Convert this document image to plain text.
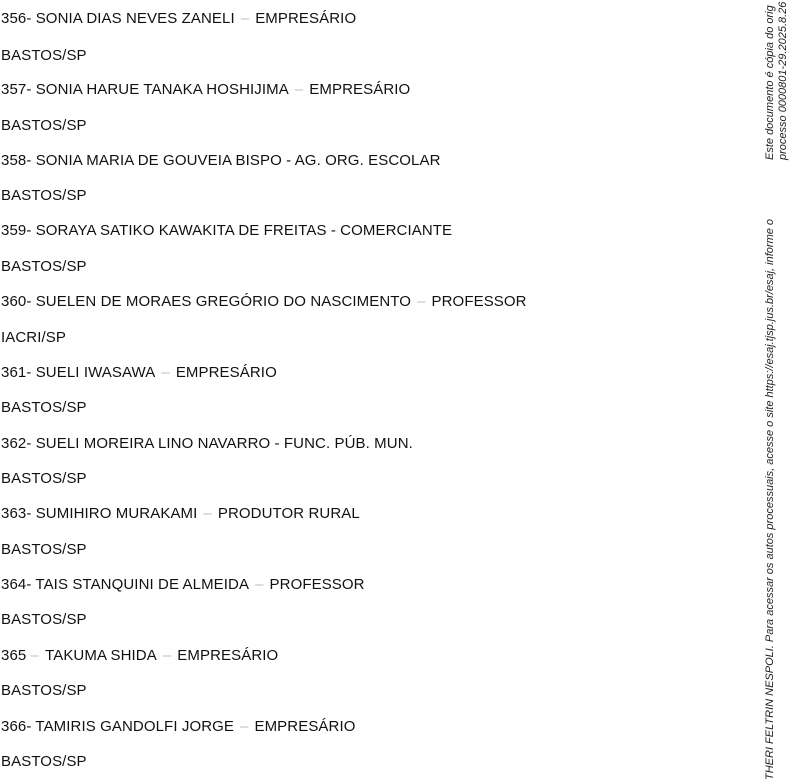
356- SONIA DIAS NEVES ZANELI – EMPRESÁRIO
BASTOS/SP
357- SONIA HARUE TANAKA HOSHIJIMA – EMPRESÁRIO
BASTOS/SP
358- SONIA MARIA DE GOUVEIA BISPO - AG. ORG. ESCOLAR
BASTOS/SP
359- SORAYA SATIKO KAWAKITA DE FREITAS - COMERCIANTE
BASTOS/SP
360- SUELEN DE MORAES GREGÓRIO DO NASCIMENTO – PROFESSOR
IACRI/SP
361- SUELI IWASAWA – EMPRESÁRIO
BASTOS/SP
362- SUELI MOREIRA LINO NAVARRO - FUNC. PÚB. MUN.
BASTOS/SP
363- SUMIHIRO MURAKAMI – PRODUTOR RURAL
BASTOS/SP
364- TAIS STANQUINI DE ALMEIDA – PROFESSOR
BASTOS/SP
365 – TAKUMA SHIDA – EMPRESÁRIO
BASTOS/SP
366- TAMIRIS GANDOLFI JORGE – EMPRESÁRIO
BASTOS/SP
Este documento é cópia do orig processo 0000801-29.2025.8.26
THERI FELTRIN NESPOLI. Para acessar os autos processuais, acesse o site https://esaj.tjsp.jus.br/esaj, informe o
